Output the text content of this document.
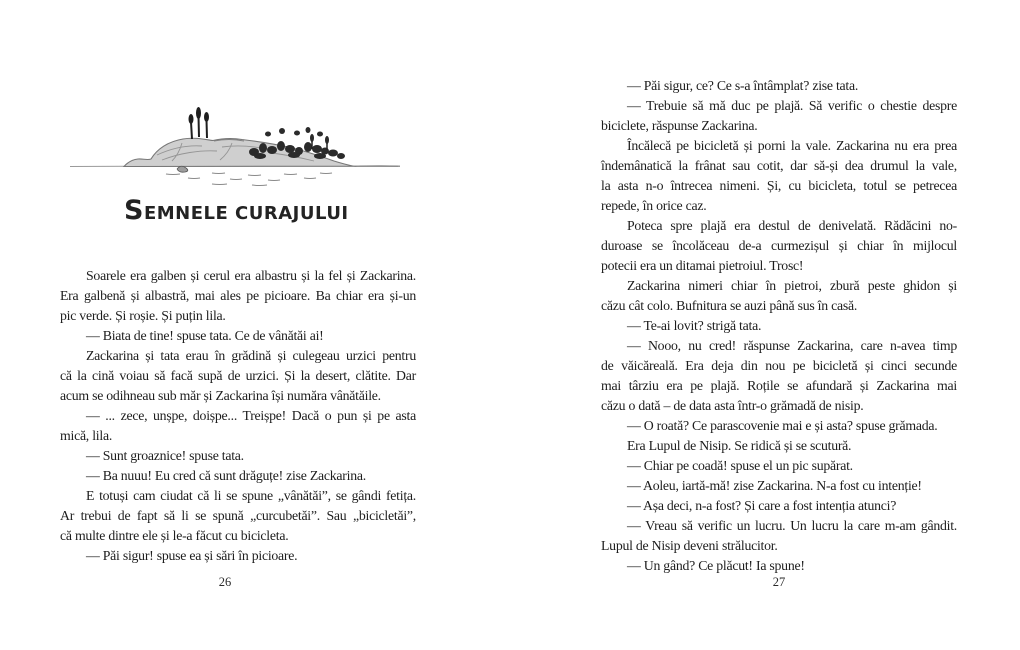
SEMNELE CURAJULUI
Soarele era galben și cerul era albastru și la fel și Zackarina.
Era galbenă și albastră, mai ales pe picioare. Ba chiar era și-un
pic verde. Și roșie. Și puțin lila.
— Biata de tine! spuse tata. Ce de vânătăi ai!
Zackarina și tata erau în grădină și culegeau urzici pentru
că la cină voiau să facă supă de urzici. Și la desert, clătite. Dar
acum se odihneau sub măr și Zackarina își număra vânătăile.
— ... zece, unșpe, doișpe... Treișpe! Dacă o pun și pe asta
mică, lila.
— Sunt groaznice! spuse tata.
— Ba nuuu! Eu cred că sunt drăguțe! zise Zackarina.
E totuși cam ciudat că li se spune „vânătăi”, se gândi fetița.
Ar trebui de fapt să li se spună „curcubetăi”. Sau „bicicletăi”,
că multe dintre ele și le-a făcut cu bicicleta.
— Păi sigur! spuse ea și sări în picioare.
26
— Păi sigur, ce? Ce s-a întâmplat? zise tata.
— Trebuie să mă duc pe plajă. Să verific o chestie despre
biciclete, răspunse Zackarina.
Încălecă pe bicicletă și porni la vale. Zackarina nu era prea
îndemânatică la frânat sau cotit, dar să-și dea drumul la vale,
la asta n-o întrecea nimeni. Și, cu bicicleta, totul se petrecea
repede, în orice caz.
Poteca spre plajă era destul de denivelată. Rădăcini no-
duroase se încolăceau de-a curmezișul și chiar în mijlocul
potecii era un ditamai pietroiul. Trosc!
Zackarina nimeri chiar în pietroi, zbură peste ghidon și
căzu cât colo. Bufnitura se auzi până sus în casă.
— Te-ai lovit? strigă tata.
— Nooo, nu cred! răspunse Zackarina, care n-avea timp
de văicăreală. Era deja din nou pe bicicletă și cinci secunde
mai târziu era pe plajă. Roțile se afundară și Zackarina mai
căzu o dată – de data asta într-o grămadă de nisip.
— O roată? Ce parascovenie mai e și asta? spuse grămada.
Era Lupul de Nisip. Se ridică și se scutură.
— Chiar pe coadă! spuse el un pic supărat.
— Aoleu, iartă-mă! zise Zackarina. N-a fost cu intenție!
— Așa deci, n-a fost? Și care a fost intenția atunci?
— Vreau să verific un lucru. Un lucru la care m-am gândit.
Lupul de Nisip deveni strălucitor.
— Un gând? Ce plăcut! Ia spune!
27
